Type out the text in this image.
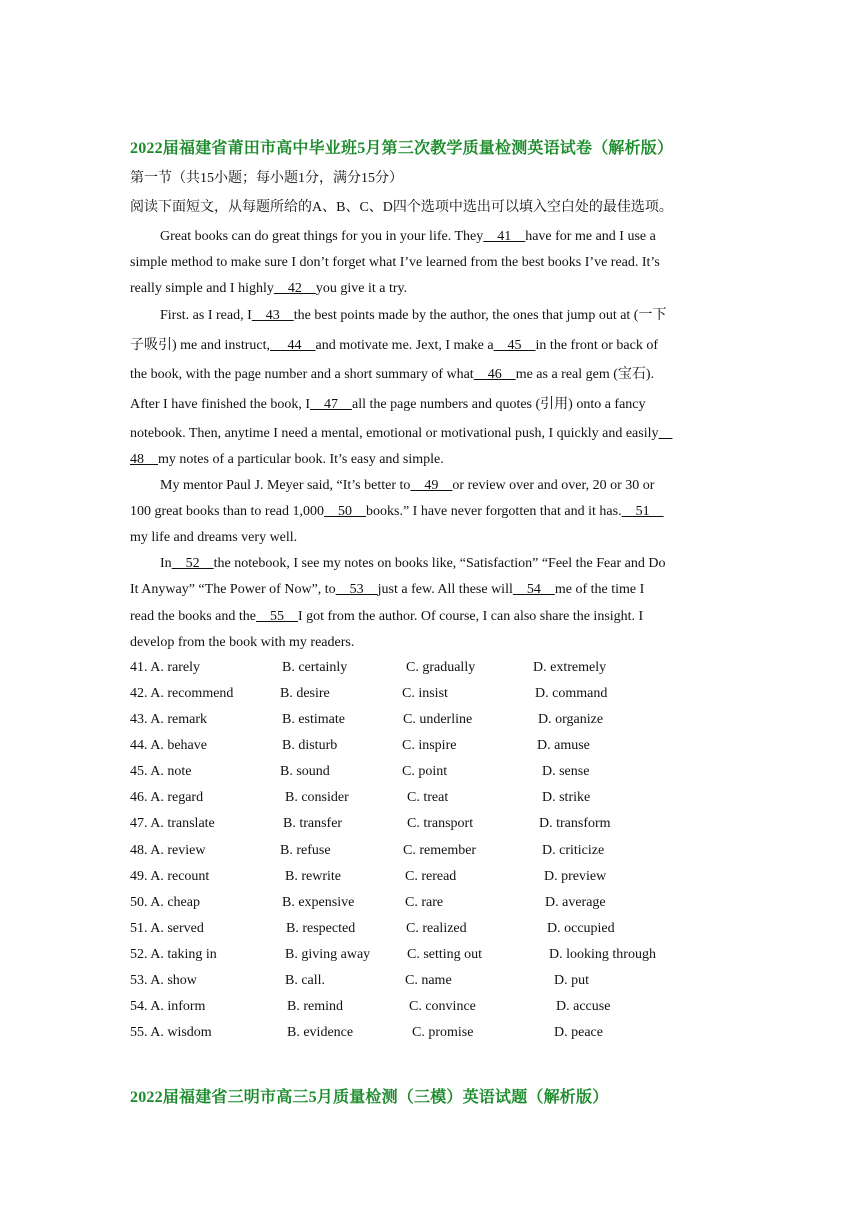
2022届福建省莆田市高中毕业班5月第三次教学质量检测英语试卷（解析版）
第一节（共15小题；每小题1分，满分15分）
阅读下面短文，从每题所给的A、B、C、D四个选项中选出可以填入空白处的最佳选项。
Great books can do great things for you in your life. They    41    have for me and I use a
simple method to make sure I don’t forget what I’ve learned from the best books I’ve read. It’s
really simple and I highly    42    you give it a try.
First. as I read, I    43    the best points made by the author, the ones that jump out at (一下
子吸引) me and instruct,     44    and motivate me. Jext, I make a    45    in the front or back of
the book, with the page number and a short summary of what    46    me as a real gem (宝石).
After I have finished the book, I    47    all the page numbers and quotes (引用) onto a fancy
notebook. Then, anytime I need a mental, emotional or motivational push, I quickly and easily
48    my notes of a particular book. It’s easy and simple.
My mentor Paul J. Meyer said, “It’s better to    49    or review over and over, 20 or 30 or
100 great books than to read 1,000    50    books.” I have never forgotten that and it has.    51
my life and dreams very well.
In    52    the notebook, I see my notes on books like, “Satisfaction” “Feel the Fear and Do
It Anyway” “The Power of Now”, to    53    just a few. All these will    54    me of the time I
read the books and the    55    I got from the author. Of course, I can also share the insight. I
develop from the book with my readers.
41. A. rarely	B. certainly	C. gradually	D. extremely
42. A. recommend	B. desire	C. insist	D. command
43. A. remark	B. estimate	C. underline	D. organize
44. A. behave	B. disturb	C. inspire	D. amuse
45. A. note	B. sound	C. point	D. sense
46. A. regard	B. consider	C. treat	D. strike
47. A. translate	B. transfer	C. transport	D. transform
48. A. review	B. refuse	C. remember	D. criticize
49. A. recount	B. rewrite	C. reread	D. preview
50. A. cheap	B. expensive	C. rare	D. average
51. A. served	B. respected	C. realized	D. occupied
52. A. taking in	B. giving away	C. setting out	D. looking through
53. A. show	B. call.	C. name	D. put
54. A. inform	B. remind	C. convince	D. accuse
55. A. wisdom	B. evidence	C. promise	D. peace
2022届福建省三明市高三5月质量检测（三模）英语试题（解析版）
